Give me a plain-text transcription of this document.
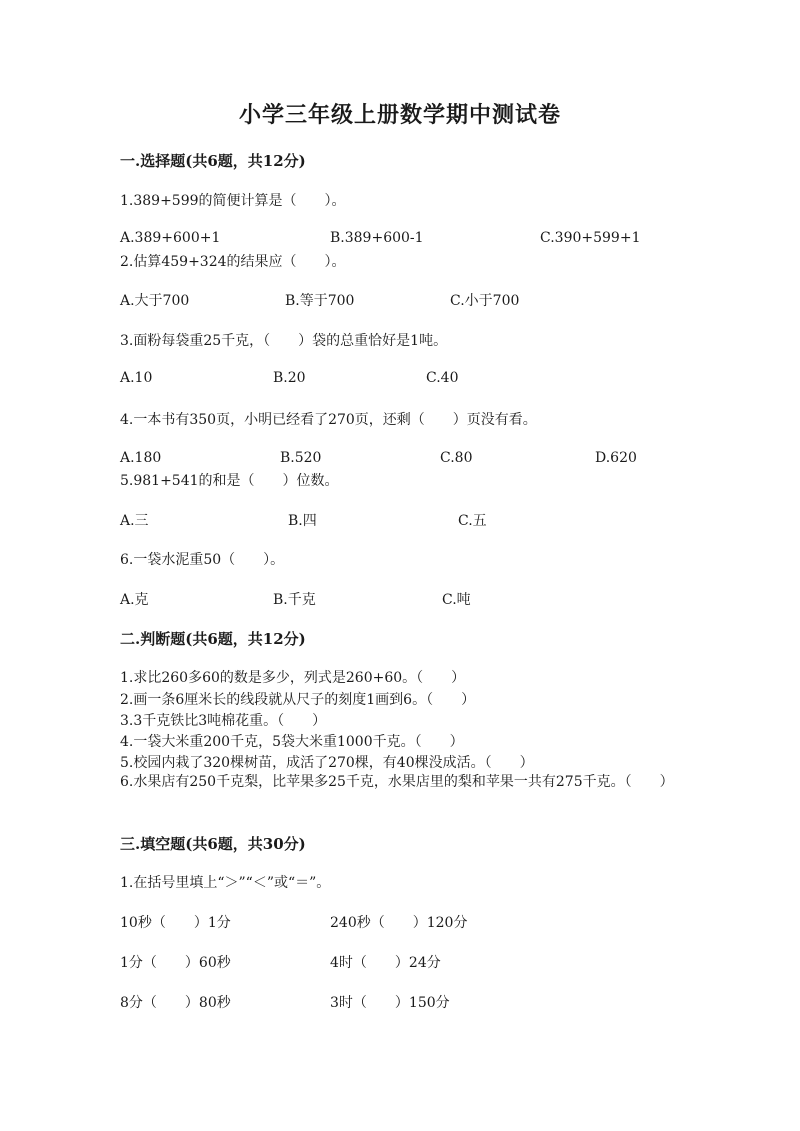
小学三年级上册数学期中测试卷
一.选择题(共6题，共12分)
1.389+599的简便计算是（　　）。
A.389+600+1	B.389+600-1	C.390+599+1
2.估算459+324的结果应（　　）。
A.大于700	B.等于700	C.小于700
3.面粉每袋重25千克，（　　）袋的总重恰好是1吨。
A.10	B.20	C.40
4.一本书有350页，小明已经看了270页，还剩（　　）页没有看。
A.180	B.520	C.80	D.620
5.981+541的和是（　　）位数。
A.三	B.四	C.五
6.一袋水泥重50（　　）。
A.克	B.千克	C.吨
二.判断题(共6题，共12分)
1.求比260多60的数是多少，列式是260+60。（　　）
2.画一条6厘米长的线段就从尺子的刻度1画到6。（　　）
3.3千克铁比3吨棉花重。（　　）
4.一袋大米重200千克，5袋大米重1000千克。（　　）
5.校园内栽了320棵树苗，成活了270棵，有40棵没成活。（　　）
6.水果店有250千克梨，比苹果多25千克，水果店里的梨和苹果一共有275千克。（　　）
三.填空题(共6题，共30分)
1.在括号里填上“＞”“＜”或“＝”。
10秒（　　）1分	240秒（　　）120分
1分（　　）60秒	4时（　　）24分
8分（　　）80秒	3时（　　）150分
